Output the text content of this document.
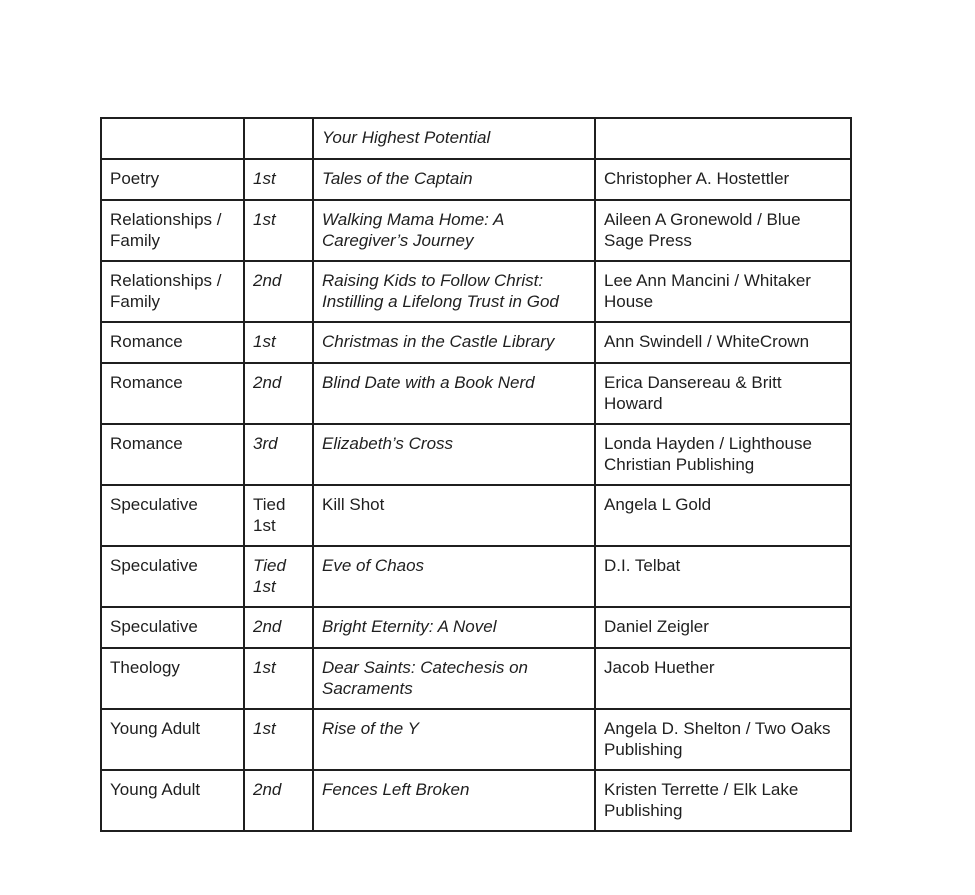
		Your Highest Potential	
Poetry	1st	Tales of the Captain	Christopher A. Hostettler
Relationships / Family	1st	Walking Mama Home: A Caregiver’s Journey	Aileen A Gronewold / Blue Sage Press
Relationships / Family	2nd	Raising Kids to Follow Christ: Instilling a Lifelong Trust in God	Lee Ann Mancini / Whitaker House
Romance	1st	Christmas in the Castle Library	Ann Swindell / WhiteCrown
Romance	2nd	Blind Date with a Book Nerd	Erica Dansereau & Britt Howard
Romance	3rd	Elizabeth’s Cross	Londa Hayden / Lighthouse Christian Publishing
Speculative	Tied 1st	Kill Shot	Angela L Gold
Speculative	Tied 1st	Eve of Chaos	D.I. Telbat
Speculative	2nd	Bright Eternity: A Novel	Daniel Zeigler
Theology	1st	Dear Saints: Catechesis on Sacraments	Jacob Huether
Young Adult	1st	Rise of the Y	Angela D. Shelton / Two Oaks Publishing
Young Adult	2nd	Fences Left Broken	Kristen Terrette / Elk Lake Publishing
